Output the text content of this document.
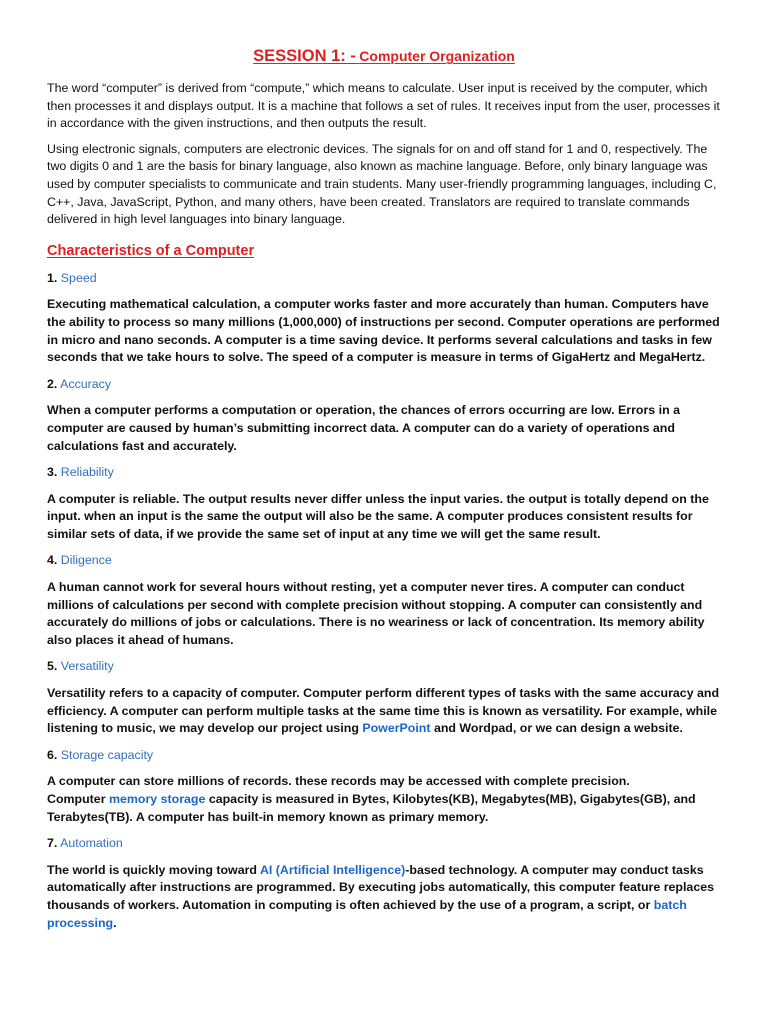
SESSION 1: - Computer Organization

The word “computer” is derived from “compute,” which means to calculate. User input is received by the computer, which then processes it and displays output. It is a machine that follows a set of rules. It receives input from the user, processes it in accordance with the given instructions, and then outputs the result.

Using electronic signals, computers are electronic devices. The signals for on and off stand for 1 and 0, respectively. The two digits 0 and 1 are the basis for binary language, also known as machine language. Before, only binary language was used by computer specialists to communicate and train students. Many user-friendly programming languages, including C, C++, Java, JavaScript, Python, and many others, have been created. Translators are required to translate commands delivered in high level languages into binary language.

Characteristics of a Computer

1. Speed

Executing mathematical calculation, a computer works faster and more accurately than human. Computers have the ability to process so many millions (1,000,000) of instructions per second. Computer operations are performed in micro and nano seconds. A computer is a time saving device. It performs several calculations and tasks in few seconds that we take hours to solve. The speed of a computer is measure in terms of GigaHertz and MegaHertz.

2. Accuracy

When a computer performs a computation or operation, the chances of errors occurring are low. Errors in a computer are caused by human’s submitting incorrect data. A computer can do a variety of operations and calculations fast and accurately.

3. Reliability

A computer is reliable. The output results never differ unless the input varies. the output is totally depend on the input. when an input is the same the output will also be the same. A computer produces consistent results for similar sets of data, if we provide the same set of input at any time we will get the same result.

4. Diligence

A human cannot work for several hours without resting, yet a computer never tires. A computer can conduct millions of calculations per second with complete precision without stopping. A computer can consistently and accurately do millions of jobs or calculations. There is no weariness or lack of concentration. Its memory ability also places it ahead of humans.

5. Versatility

Versatility refers to a capacity of computer. Computer perform different types of tasks with the same accuracy and efficiency. A computer can perform multiple tasks at the same time this is known as versatility. For example, while listening to music, we may develop our project using PowerPoint and Wordpad, or we can design a website.

6. Storage capacity

A computer can store millions of records. these records may be accessed with complete precision.
Computer memory storage capacity is measured in Bytes, Kilobytes(KB), Megabytes(MB), Gigabytes(GB), and Terabytes(TB). A computer has built-in memory known as primary memory.

7. Automation

The world is quickly moving toward AI (Artificial Intelligence)-based technology. A computer may conduct tasks automatically after instructions are programmed. By executing jobs automatically, this computer feature replaces thousands of workers. Automation in computing is often achieved by the use of a program, a script, or batch processing.
